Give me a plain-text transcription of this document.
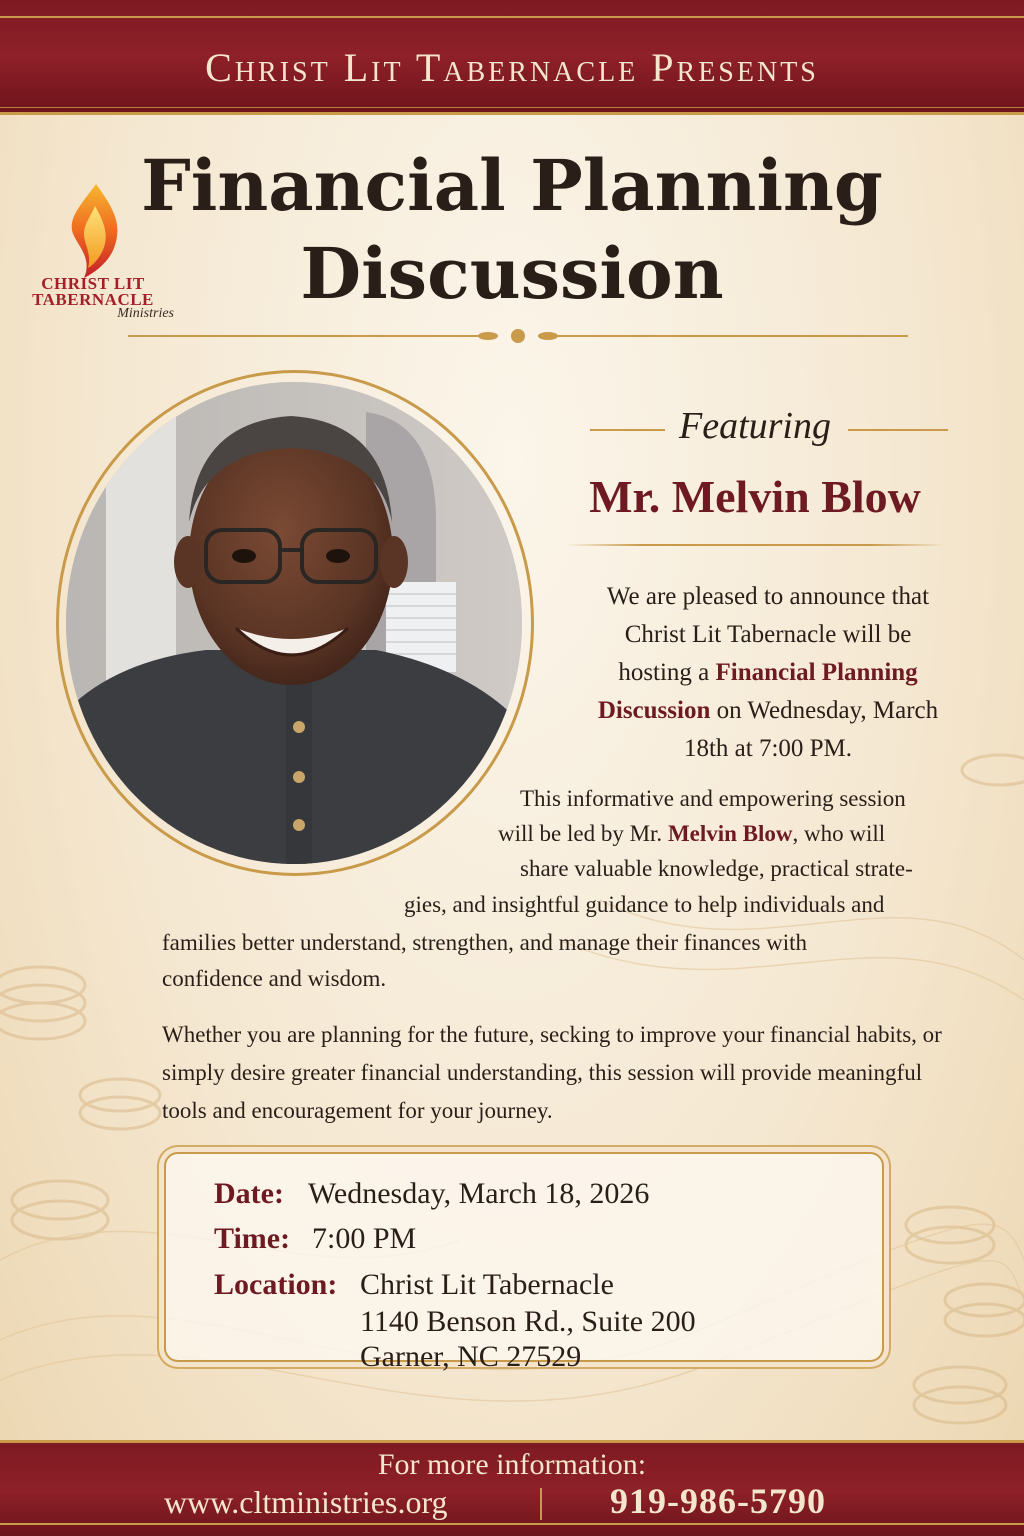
Christ Lit Tabernacle Presents
CHRIST LIT
TABERNACLE
Ministries
Financial Planning
Discussion
Featuring
Mr. Melvin Blow
We are pleased to announce that
Christ Lit Tabernacle will be
hosting a Financial Planning
Discussion on Wednesday, March
18th at 7:00 PM.
This informative and empowering session
will be led by Mr. Melvin Blow, who will
share valuable knowledge, practical strate-
gies, and insightful guidance to help individuals and
families better understand, strengthen, and manage their finances with
confidence and wisdom.
Whether you are planning for the future, secking to improve your financial habits, or simply desire greater financial understanding, this session will provide meaningful tools and encouragement for your journey.
Date: Wednesday, March 18, 2026
Time: 7:00 PM
Location: Christ Lit Tabernacle
1140 Benson Rd., Suite 200
Garner, NC 27529
For more information:
www.cltministries.org	919-986-5790
